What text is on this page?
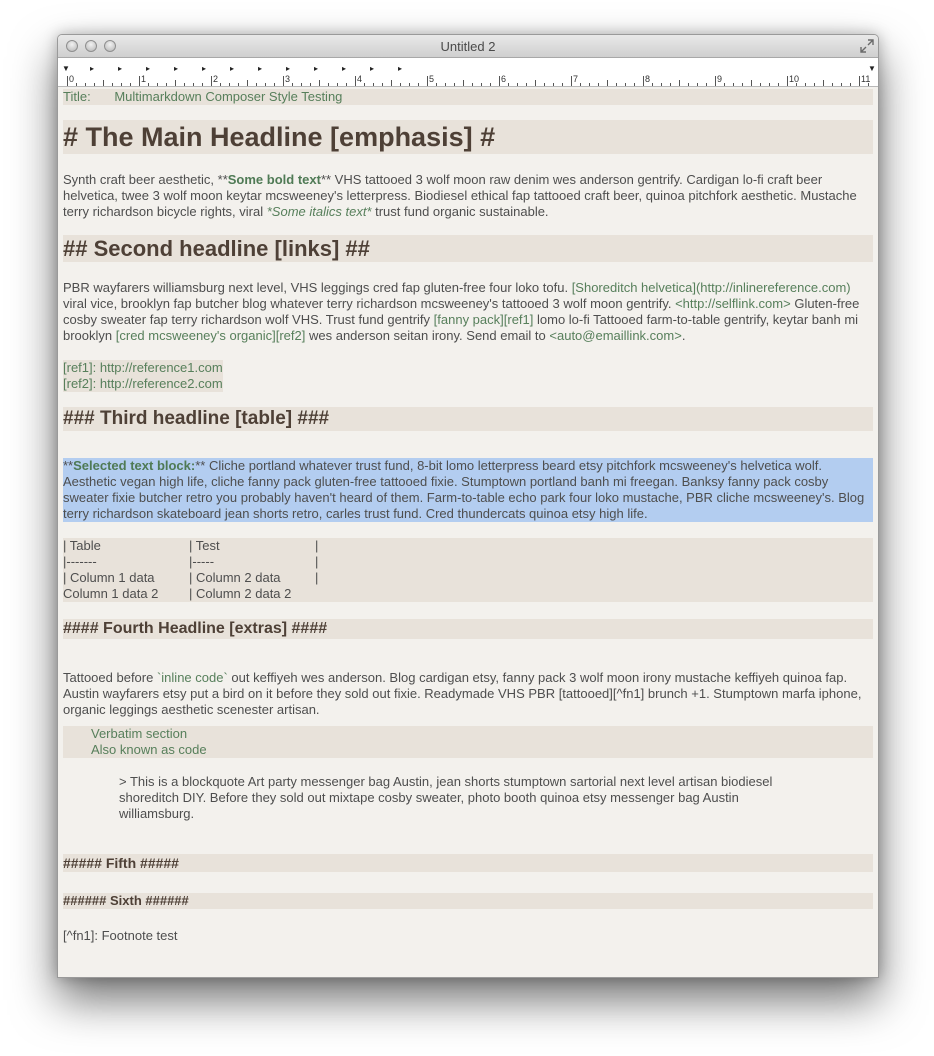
Untitled 2
0	1	2	3	4	5	6	7	8	9	10	11
▼	▸	▸	▸	▸	▸	▸	▸	▸	▸	▸	▸	▸	▼
Title: Multimarkdown Composer Style Testing
# The Main Headline [emphasis] #
Synth craft beer aesthetic, **Some bold text** VHS tattooed 3 wolf moon raw denim wes anderson gentrify. Cardigan lo-fi craft beer helvetica, twee 3 wolf moon keytar mcsweeney's letterpress. Biodiesel ethical fap tattooed craft beer, quinoa pitchfork aesthetic. Mustache terry richardson bicycle rights, viral *Some italics text* trust fund organic sustainable.
## Second headline [links] ##
PBR wayfarers williamsburg next level, VHS leggings cred fap gluten-free four loko tofu. [Shoreditch helvetica](http://inlinereference.com) viral vice, brooklyn fap butcher blog whatever terry richardson mcsweeney's tattooed 3 wolf moon gentrify. <http://selflink.com> Gluten-free cosby sweater fap terry richardson wolf VHS. Trust fund gentrify [fanny pack][ref1] lomo lo-fi Tattooed farm-to-table gentrify, keytar banh mi brooklyn [cred mcsweeney's organic][ref2] wes anderson seitan irony. Send email to <auto@emaillink.com>.
[ref1]: http://reference1.com
[ref2]: http://reference2.com
### Third headline [table] ###
**Selected text block:** Cliche portland whatever trust fund, 8-bit lomo letterpress beard etsy pitchfork mcsweeney's helvetica wolf. Aesthetic vegan high life, cliche fanny pack gluten-free tattooed fixie. Stumptown portland banh mi freegan. Banksy fanny pack cosby sweater fixie butcher retro you probably haven't heard of them. Farm-to-table echo park four loko mustache, PBR cliche mcsweeney's. Blog terry richardson skateboard jean shorts retro, carles trust fund. Cred thundercats quinoa etsy high life.
| Table	| Test	|
|-------	|-----	|
| Column 1 data	| Column 2 data	|
Column 1 data 2 | Column 2 data 2
#### Fourth Headline [extras] ####
Tattooed before `inline code` out keffiyeh wes anderson. Blog cardigan etsy, fanny pack 3 wolf moon irony mustache keffiyeh quinoa fap. Austin wayfarers etsy put a bird on it before they sold out fixie. Readymade VHS PBR [tattooed][^fn1] brunch +1. Stumptown marfa iphone, organic leggings aesthetic scenester artisan.
Verbatim section
Also known as code
> This is a blockquote Art party messenger bag Austin, jean shorts stumptown sartorial next level artisan biodiesel shoreditch DIY. Before they sold out mixtape cosby sweater, photo booth quinoa etsy messenger bag Austin williamsburg.
##### Fifth #####
###### Sixth ######
[^fn1]: Footnote test
